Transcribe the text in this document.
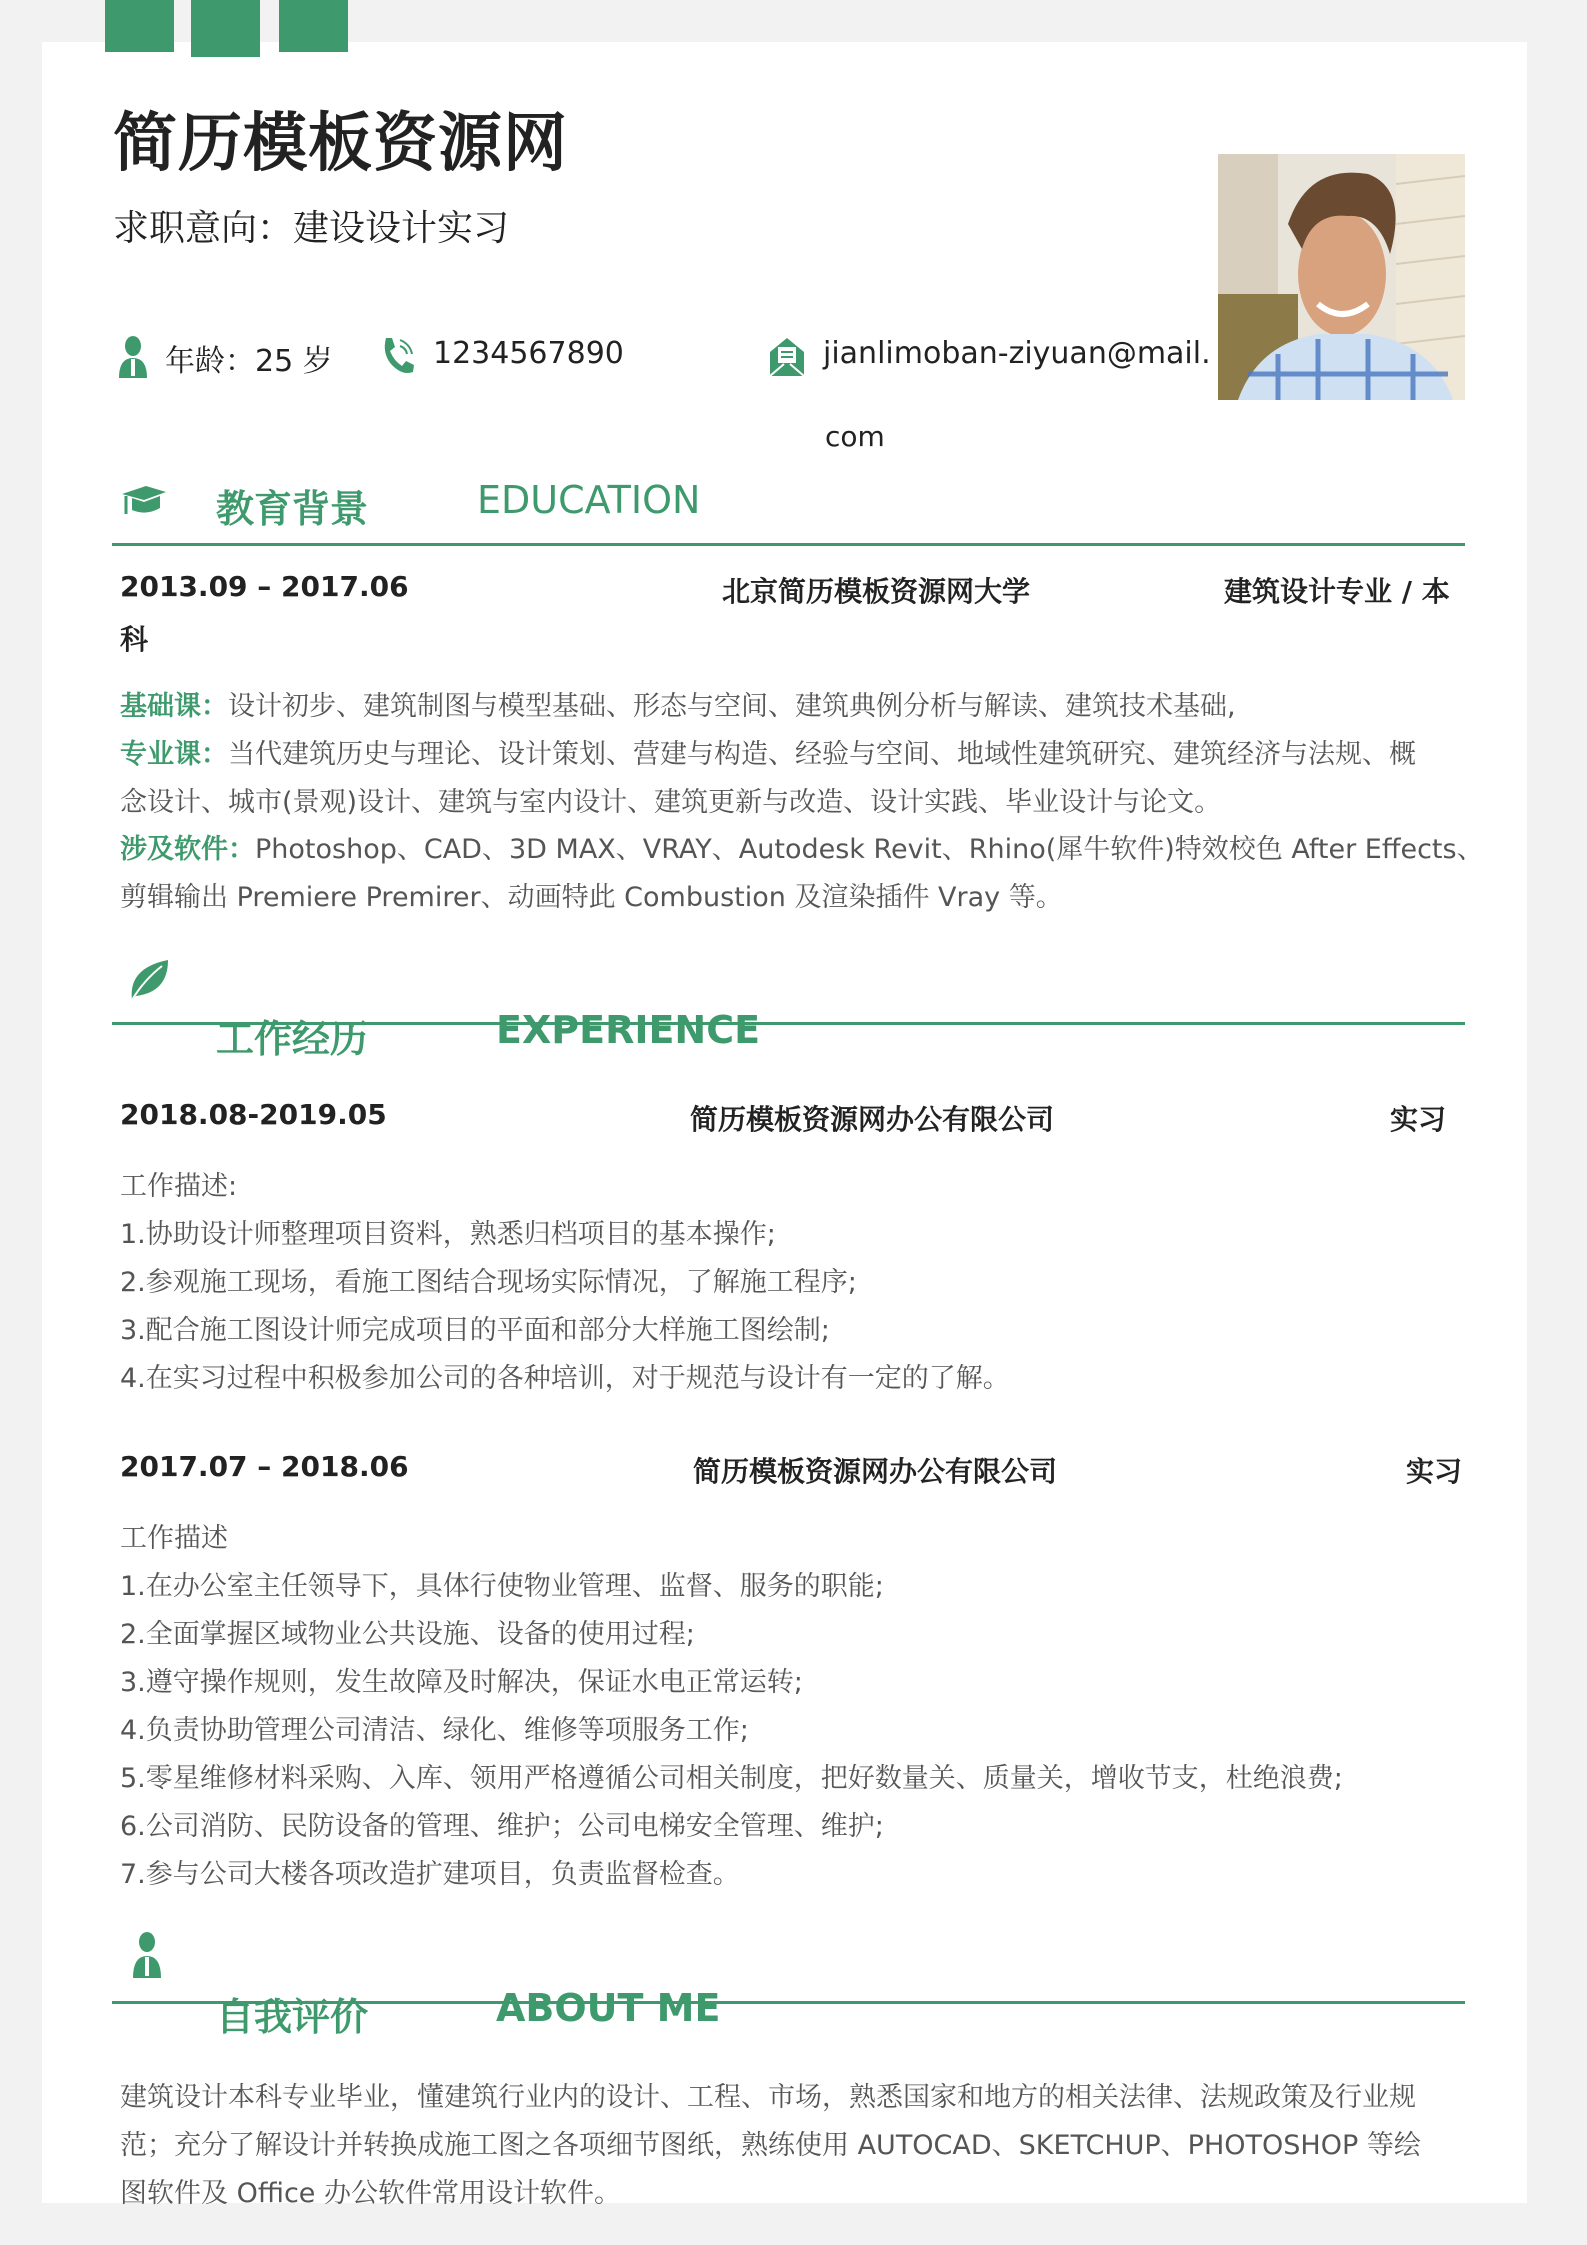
简历模板资源网
求职意向：建设设计实习
年龄：25 岁	1234567890	jianlimoban-ziyuan@mail.
com
教育背景	EDUCATION
2013.09 – 2017.06	北京简历模板资源网大学	建筑设计专业 / 本
科
基础课：设计初步、建筑制图与模型基础、形态与空间、建筑典例分析与解读、建筑技术基础,
专业课：当代建筑历史与理论、设计策划、营建与构造、经验与空间、地域性建筑研究、建筑经济与法规、概
念设计、城市(景观)设计、建筑与室内设计、建筑更新与改造、设计实践、毕业设计与论文。
涉及软件：Photoshop、CAD、3D MAX、VRAY、Autodesk Revit、Rhino(犀牛软件)特效校色 After Effects、
剪辑输出 Premiere Premirer、动画特此 Combustion 及渲染插件 Vray 等。
工作经历	EXPERIENCE
2018.08-2019.05	简历模板资源网办公有限公司	实习
工作描述:
1.协助设计师整理项目资料，熟悉归档项目的基本操作;
2.参观施工现场，看施工图结合现场实际情况，了解施工程序;
3.配合施工图设计师完成项目的平面和部分大样施工图绘制;
4.在实习过程中积极参加公司的各种培训，对于规范与设计有一定的了解。
2017.07 – 2018.06	简历模板资源网办公有限公司	实习
工作描述
1.在办公室主任领导下，具体行使物业管理、监督、服务的职能;
2.全面掌握区域物业公共设施、设备的使用过程;
3.遵守操作规则，发生故障及时解决，保证水电正常运转;
4.负责协助管理公司清洁、绿化、维修等项服务工作;
5.零星维修材料采购、入库、领用严格遵循公司相关制度，把好数量关、质量关，增收节支，杜绝浪费;
6.公司消防、民防设备的管理、维护；公司电梯安全管理、维护;
7.参与公司大楼各项改造扩建项目，负责监督检查。
自我评价	ABOUT ME
建筑设计本科专业毕业，懂建筑行业内的设计、工程、市场，熟悉国家和地方的相关法律、法规政策及行业规
范；充分了解设计并转换成施工图之各项细节图纸，熟练使用 AUTOCAD、SKETCHUP、PHOTOSHOP 等绘
图软件及 Office 办公软件常用设计软件。
